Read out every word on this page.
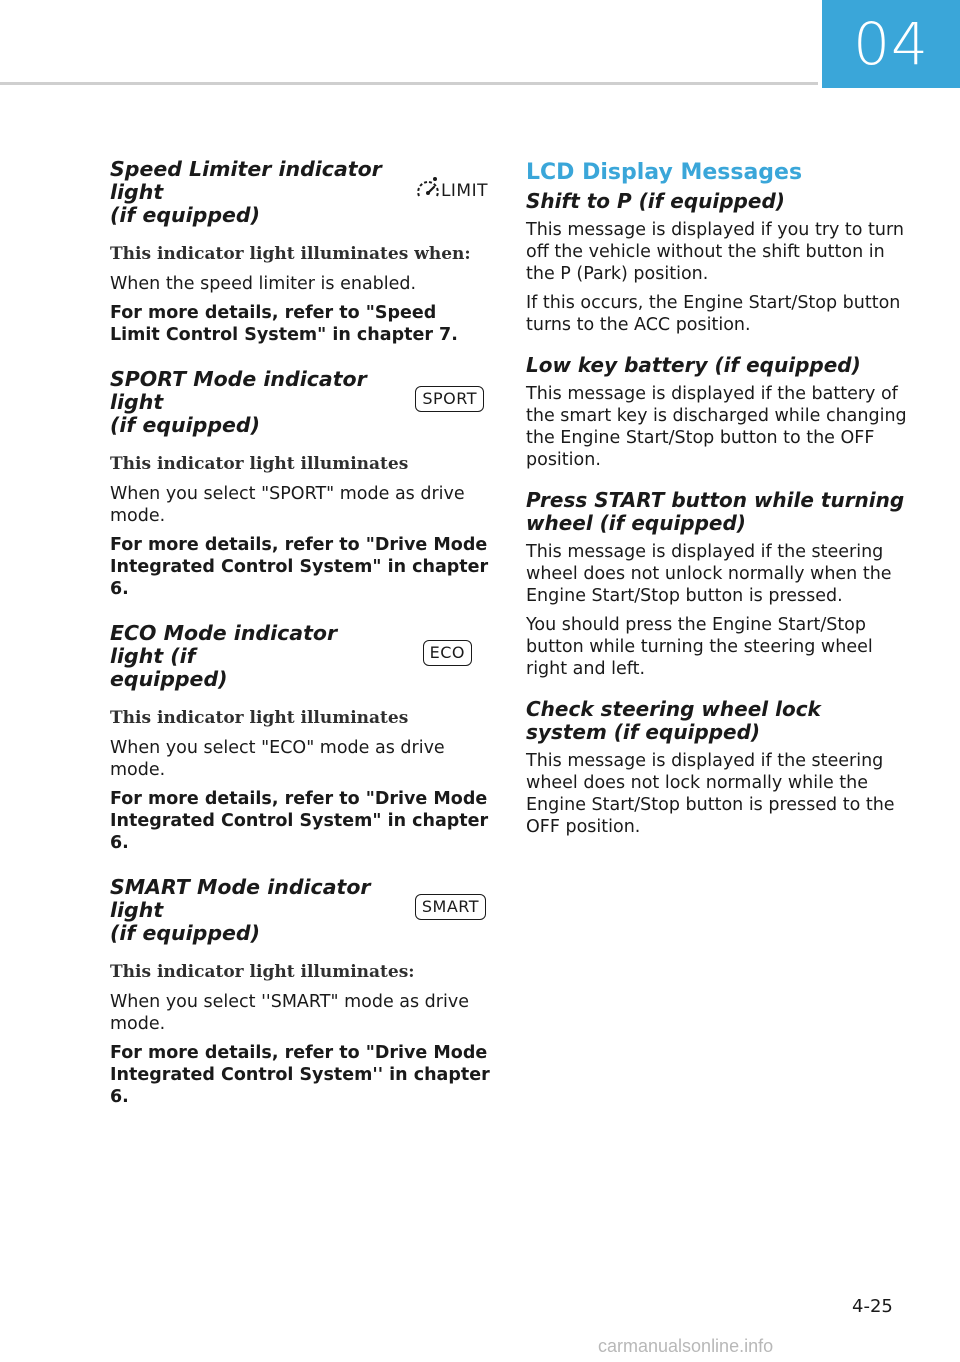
04
Speed Limiter indicator light
(if equipped)
LIMIT
This indicator light illuminates when:

When the speed limiter is enabled.

For more details, refer to "Speed Limit Control System" in chapter 7.

SPORT Mode indicator light
(if equipped)
SPORT
This indicator light illuminates

When you select "SPORT" mode as drive mode.

For more details, refer to "Drive Mode Integrated Control System" in chapter 6.

ECO Mode indicator light (if
equipped)
ECO
This indicator light illuminates

When you select "ECO" mode as drive mode.

For more details, refer to "Drive Mode Integrated Control System" in chapter 6.

SMART Mode indicator light
(if equipped)
SMART
This indicator light illuminates:

When you select ''SMART" mode as drive mode.

For more details, refer to "Drive Mode Integrated Control System'' in chapter 6.

LCD Display Messages
Shift to P (if equipped)

This message is displayed if you try to turn off the vehicle without the shift button in the P (Park) position.

If this occurs, the Engine Start/Stop button turns to the ACC position.

Low key battery (if equipped)

This message is displayed if the battery of the smart key is discharged while changing the Engine Start/Stop button to the OFF position.

Press START button while turning wheel (if equipped)

This message is displayed if the steering wheel does not unlock normally when the Engine Start/Stop button is pressed.

You should press the Engine Start/Stop button while turning the steering wheel right and left.

Check steering wheel lock system (if equipped)

This message is displayed if the steering wheel does not lock normally while the Engine Start/Stop button is pressed to the OFF position.

4-25
carmanualsonline.info
